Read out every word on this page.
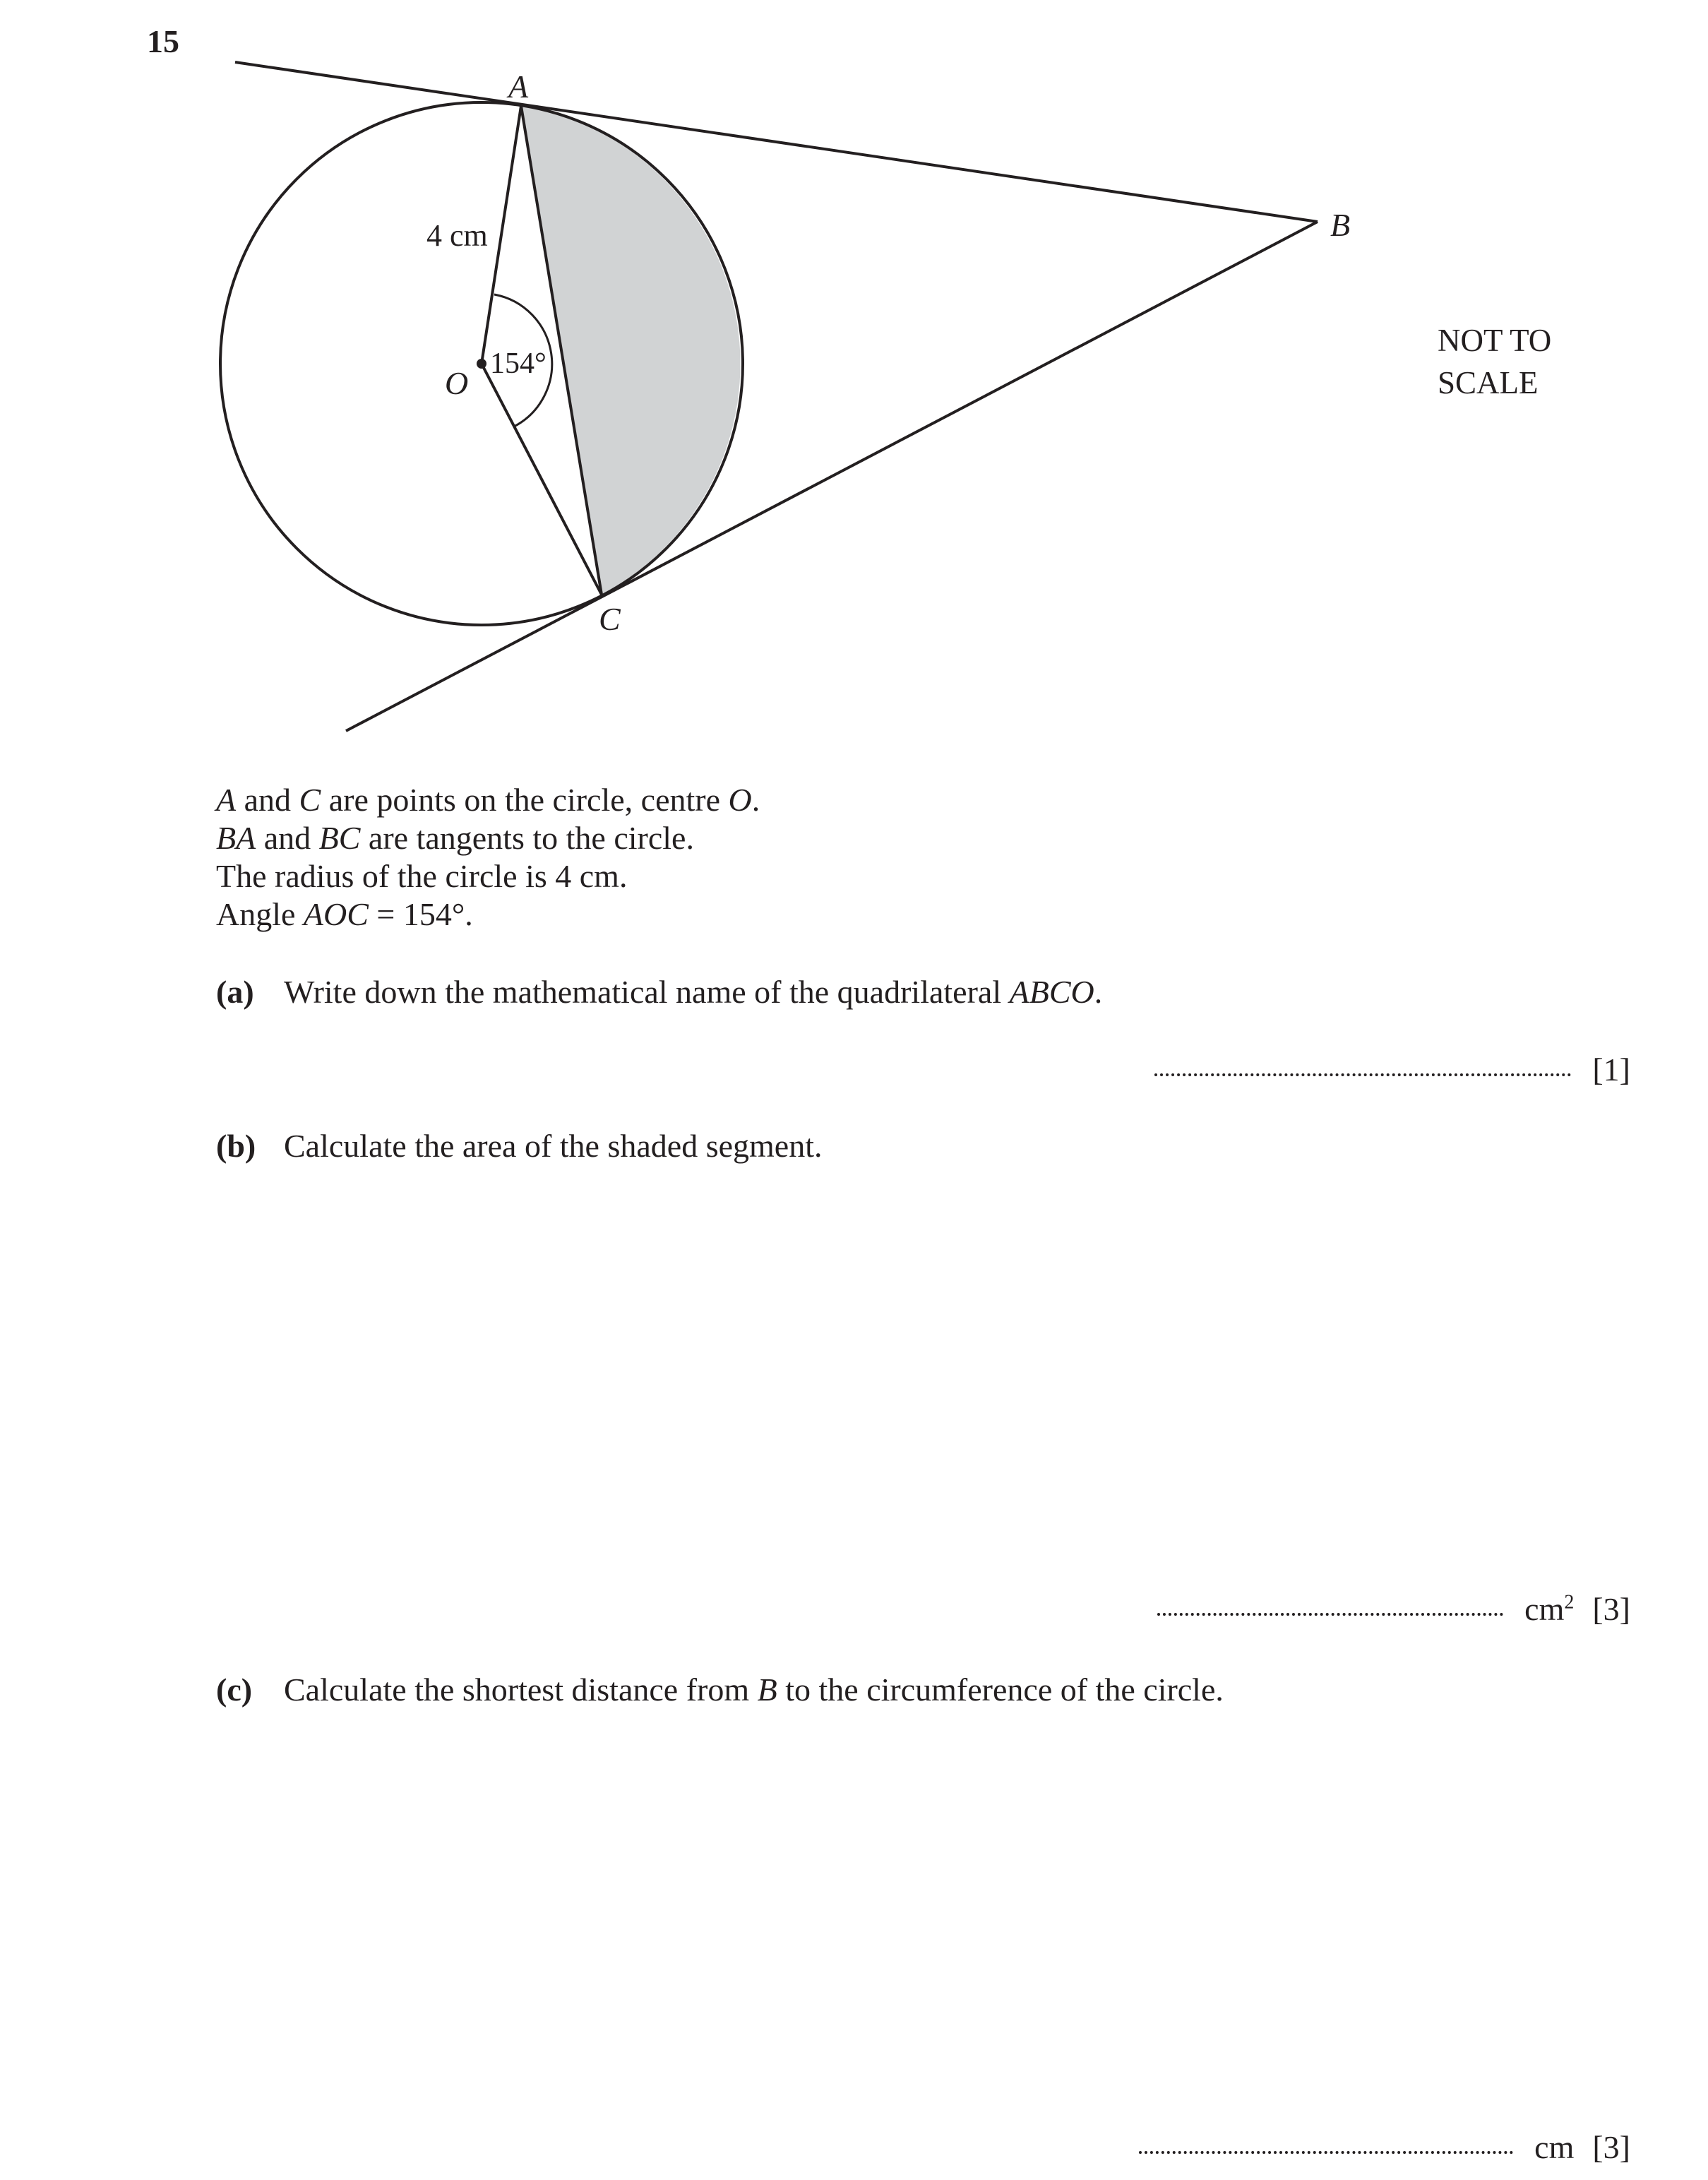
15
A
B
C
O
4 cm
154°
NOT TO
SCALE
A and C are points on the circle, centre O.
BA and BC are tangents to the circle.
The radius of the circle is 4 cm.
Angle AOC = 154°.
(a) Write down the mathematical name of the quadrilateral ABCO.
[1]
(b) Calculate the area of the shaded segment.
$cm^2$ [3]
(c) Calculate the shortest distance from B to the circumference of the circle.
cm [3]
